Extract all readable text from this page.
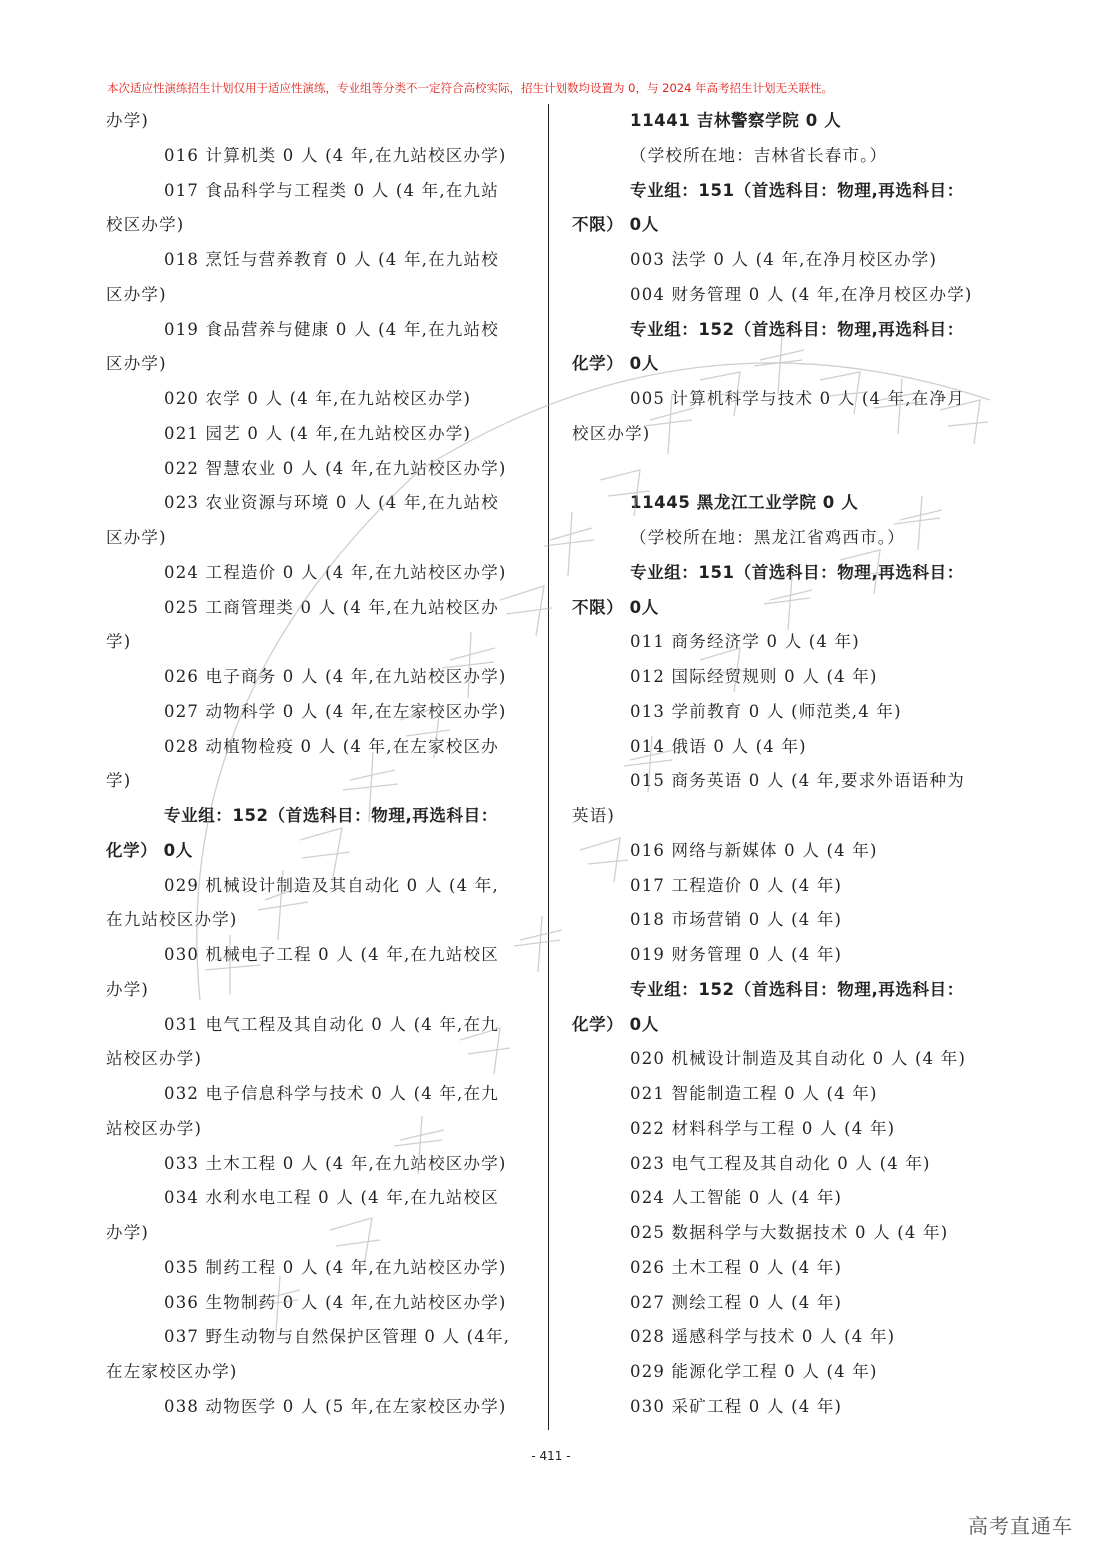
本次适应性演练招生计划仅用于适应性演练，专业组等分类不一定符合高校实际，招生计划数均设置为 0，与 2024 年高考招生计划无关联性。
办学)
016 计算机类 0 人 (4 年,在九站校区办学)
017 食品科学与工程类 0 人 (4 年,在九站
校区办学)
018 烹饪与营养教育 0 人 (4 年,在九站校
区办学)
019 食品营养与健康 0 人 (4 年,在九站校
区办学)
020 农学 0 人 (4 年,在九站校区办学)
021 园艺 0 人 (4 年,在九站校区办学)
022 智慧农业 0 人 (4 年,在九站校区办学)
023 农业资源与环境 0 人 (4 年,在九站校
区办学)
024 工程造价 0 人 (4 年,在九站校区办学)
025 工商管理类 0 人 (4 年,在九站校区办
学)
026 电子商务 0 人 (4 年,在九站校区办学)
027 动物科学 0 人 (4 年,在左家校区办学)
028 动植物检疫 0 人 (4 年,在左家校区办
学)
专业组：152（首选科目：物理,再选科目：
化学） 0人
029 机械设计制造及其自动化 0 人 (4 年,
在九站校区办学)
030 机械电子工程 0 人 (4 年,在九站校区
办学)
031 电气工程及其自动化 0 人 (4 年,在九
站校区办学)
032 电子信息科学与技术 0 人 (4 年,在九
站校区办学)
033 土木工程 0 人 (4 年,在九站校区办学)
034 水利水电工程 0 人 (4 年,在九站校区
办学)
035 制药工程 0 人 (4 年,在九站校区办学)
036 生物制药 0 人 (4 年,在九站校区办学)
037 野生动物与自然保护区管理 0 人 (4年,
在左家校区办学)
038 动物医学 0 人 (5 年,在左家校区办学)
11441 吉林警察学院 0 人
（学校所在地：吉林省长春市。）
专业组：151（首选科目：物理,再选科目：
不限） 0人
003 法学 0 人 (4 年,在净月校区办学)
004 财务管理 0 人 (4 年,在净月校区办学)
专业组：152（首选科目：物理,再选科目：
化学） 0人
005 计算机科学与技术 0 人 (4 年,在净月
校区办学)
11445 黑龙江工业学院 0 人
（学校所在地：黑龙江省鸡西市。）
专业组：151（首选科目：物理,再选科目：
不限） 0人
011 商务经济学 0 人 (4 年)
012 国际经贸规则 0 人 (4 年)
013 学前教育 0 人 (师范类,4 年)
014 俄语 0 人 (4 年)
015 商务英语 0 人 (4 年,要求外语语种为
英语)
016 网络与新媒体 0 人 (4 年)
017 工程造价 0 人 (4 年)
018 市场营销 0 人 (4 年)
019 财务管理 0 人 (4 年)
专业组：152（首选科目：物理,再选科目：
化学） 0人
020 机械设计制造及其自动化 0 人 (4 年)
021 智能制造工程 0 人 (4 年)
022 材料科学与工程 0 人 (4 年)
023 电气工程及其自动化 0 人 (4 年)
024 人工智能 0 人 (4 年)
025 数据科学与大数据技术 0 人 (4 年)
026 土木工程 0 人 (4 年)
027 测绘工程 0 人 (4 年)
028 遥感科学与技术 0 人 (4 年)
029 能源化学工程 0 人 (4 年)
030 采矿工程 0 人 (4 年)
- 411 -
高考直通车
